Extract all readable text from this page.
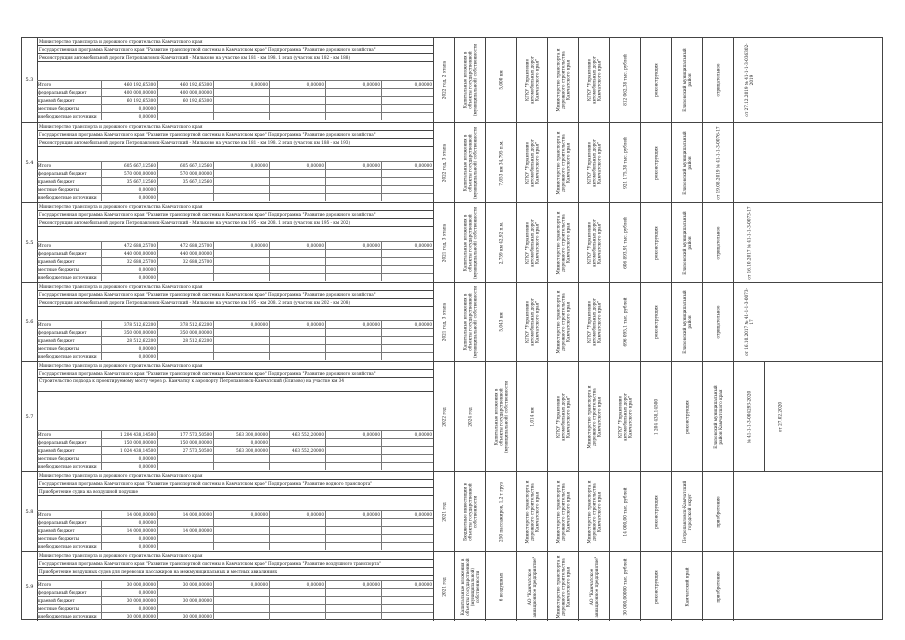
5.3
Министерство транспорта и дорожного строительства Камчатского края
Государственная программа Камчатского края "Развитие транспортной системы в Камчатском крае" Подпрограмма "Развитие дорожного хозяйства"
Реконструкция автомобильной дороги Петропавловск-Камчатский - Мильково на участке км 181 - км 198. 1 этап (участок км 182 - км 188)
Итого	460 192,65300	460 192,65300	0,00000	0,00000	0,00000	0,00000
федеральный бюджет	400 000,00000	400 000,00000
краевой бюджет	60 192,65300	60 192,65300
местные бюджеты	0,00000
внебюджетные источники	0,00000
2022 год, 2 этапа	Капитальные вложения в объекты государственной (муниципальной) собственности	5,000 км	КГКУ "Управление автомобильных дорог Камчатского края"	Министерство транспорта и дорожного строительства Камчатского края	КГКУ "Управление автомобильных дорог Камчатского края"	812 062,38 тыс. рублей	реконструкция	Елизовский муниципальный район	отрицательное	от 27.12.2019 № 41-1-1-3-036302-2019
5.4
Министерство транспорта и дорожного строительства Камчатского края
Государственная программа Камчатского края "Развитие транспортной системы в Камчатском крае" Подпрограмма "Развитие дорожного хозяйства"
Реконструкция автомобильной дороги Петропавловск-Камчатский - Мильково на участке км 181 - км 198. 2 этап (участок км 188 - км 193)
Итого	605 667,12560	605 667,12560	0,00000	0,00000	0,00000	0,00000
федеральный бюджет	570 000,00000	570 000,00000
краевой бюджет	35 667,12560	35 667,12560
местные бюджеты	0,00000
внебюджетные источники	0,00000
2022 год, 3 этапа	Капитальные вложения в объекты государственной (муниципальной) собственности	7,053 км 34,795 п.м.	КГКУ "Управление автомобильных дорог Камчатского края"	Министерство транспорта и дорожного строительства Камчатского края	КГКУ "Управление автомобильных дорог Камчатского края"	921 175,38 тыс. рублей	реконструкция	Елизовский муниципальный район	от 19.08.2019 № 41-1-1-3-0076-17
5.5
Министерство транспорта и дорожного строительства Камчатского края
Государственная программа Камчатского края "Развитие транспортной системы в Камчатском крае" Подпрограмма "Развитие дорожного хозяйства"
Реконструкция автомобильной дороги Петропавловск-Камчатский - Мильково на участке км 195 - км 208. 1 этап (участок км 195 - км 202)
Итого	472 688,25700	472 688,25700	0,00000	0,00000	0,00000	0,00000
федеральный бюджет	440 000,00000	440 000,00000
краевой бюджет	32 688,25700	32 688,25700
местные бюджеты	0,00000
внебюджетные источники	0,00000
2021 год, 3 этапа	Капитальные вложения в объекты государственной (муниципальной) собственности	2,759 км 42,92 п.м.	КГКУ "Управление автомобильных дорог Камчатского края"	Министерство транспорта и дорожного строительства Камчатского края	КГКУ "Управление автомобильных дорог Камчатского края"	606 893,91 тыс. рублей	реконструкция	Елизовский муниципальный район	отрицательное	от 16.10.2017 № 41-1-1-3-0073-17
5.6
Министерство транспорта и дорожного строительства Камчатского края
Государственная программа Камчатского края "Развитие транспортной системы в Камчатском крае" Подпрограмма "Развитие дорожного хозяйства"
Реконструкция автомобильной дороги Петропавловск-Камчатский - Мильково на участке км 195 - км 208. 2 этап (участок км 202 - км 208)
Итого	378 512,62200	378 512,62200	0,00000	0,00000	0,00000	0,00000
федеральный бюджет	350 000,00000	350 000,00000
краевой бюджет	28 512,62200	28 512,62200
местные бюджеты	0,00000
внебюджетные источники	0,00000
2021 год, 3 этапа	Капитальные вложения в объекты государственной (муниципальной) собственности	5,043 км	КГКУ "Управление автомобильных дорог Камчатского края"	Министерство транспорта и дорожного строительства Камчатского края	КГКУ "Управление автомобильных дорог Камчатского края"	696 095,1 тыс. рублей	реконструкция	Елизовский муниципальный район	отрицательное	от 16.10.2017 № 41-1-1-3-0073-17
5.7
Министерство транспорта и дорожного строительства Камчатского края
Государственная программа Камчатского края "Развитие транспортной системы в Камчатском крае" Подпрограмма "Развитие дорожного хозяйства"
Строительство подхода к проектируемому мосту через р. Камчатку к аэропорту Петропавловск-Камчатский (Елизово) на участке км 34
Итого	1 204 438,14500	177 573,50500	563 300,00000	463 552,20000	0,00000	0,00000
федеральный бюджет	150 000,00000	150 000,00000	0,00000
краевой бюджет	1 024 438,14500	27 573,50500	563 300,00000	463 552,20000
местные бюджеты	0,00000
внебюджетные источники	0,00000
2022 год	2024 год	Капитальные вложения в объекты государственной (муниципальной) собственности	1,014 км	КГКУ "Управление автомобильных дорог Камчатского края"	Министерство транспорта и дорожного строительства Камчатского края	КГКУ "Управление автомобильных дорог Камчатского края"	1 204 438,14500	реконструкция	Елизовский муниципальный район Камчатского края	№ 41-1-1-3-004293-2020	от 27.02.2020
5.8
Министерство транспорта и дорожного строительства Камчатского края
Государственная программа Камчатского края "Развитие транспортной системы в Камчатском крае" Подпрограмма "Развитие водного транспорта"
Приобретение судна на воздушной подушке
Итого	14 000,00000	14 000,00000	0,00000	0,00000	0,00000	0,00000
федеральный бюджет	0,00000
краевой бюджет	14 000,00000	14 000,00000
местные бюджеты	0,00000
внебюджетные источники	0,00000
2021 год	Бюджетные инвестиции в объекты государственной собственности	250 пассажиров, 1,2 т груз	Министерство транспорта и дорожного строительства Камчатского края	Министерство транспорта и дорожного строительства Камчатского края	Министерство транспорта и дорожного строительства Камчатского края	14 000,00 тыс. рублей	реконструкция	Петропавловск-Камчатский городской округ	приобретение
5.9
Министерство транспорта и дорожного строительства Камчатского края
Государственная программа Камчатского края "Развитие транспортной системы в Камчатском крае" Подпрограмма "Развитие воздушного транспорта"
Приобретение воздушных судов для перевозки пассажиров на межмуниципальных и местных авиалиниях
Итого	30 000,00000	30 000,00000	0,00000	0,00000	0,00000	0,00000
федеральный бюджет	0,00000
краевой бюджет	30 000,00000	30 000,00000
местные бюджеты	0,00000
внебюджетные источники	30 000,00000	30 000,00000
2021 год	Капитальные вложения в объекты государственной (муниципальной) собственности	6 воздушных	АО "Камчатское авиационное предприятие"	Министерство транспорта и дорожного строительства Камчатского края	АО "Камчатское авиационное предприятие"	30 000,00000 тыс. рублей	реконструкция	Камчатский край	приобретение
